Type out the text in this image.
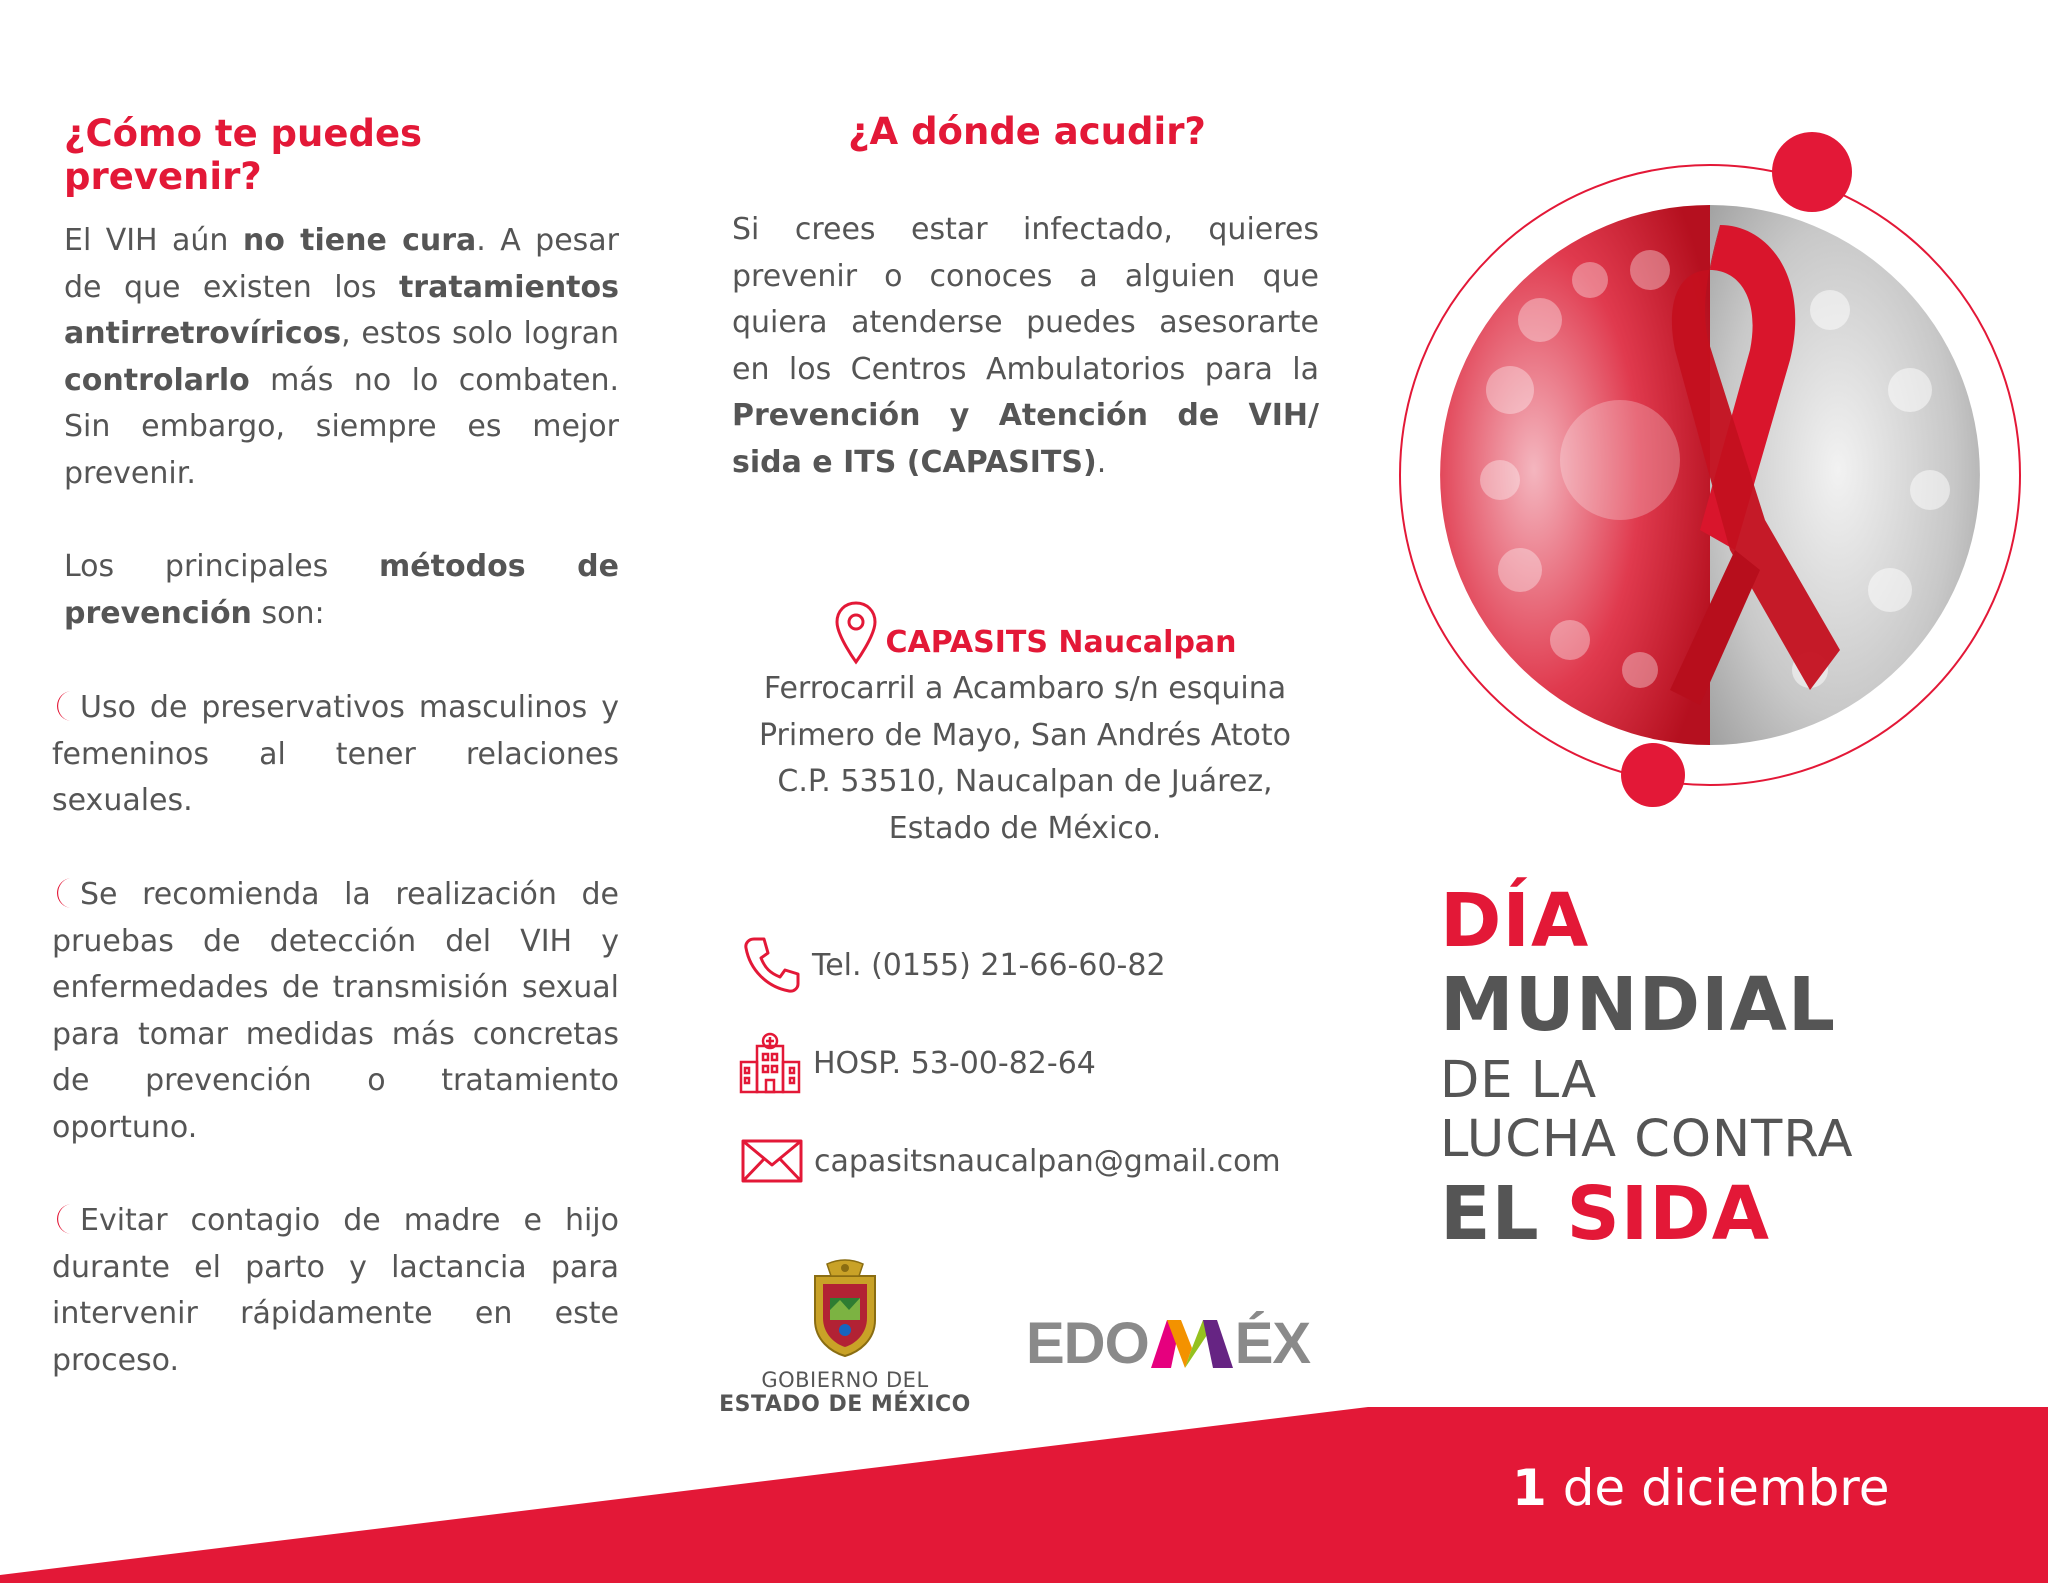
¿Cómo te puedes prevenir?

El VIH aún no tiene cura. A pesar de que existen los tratamientos antirretrovíricos, estos solo logran controlarlo más no lo combaten. Sin embargo, siempre es mejor prevenir.

Los principales métodos de prevención son:

Uso de preservativos masculinos y femeninos al tener relaciones sexuales.

Se recomienda la realización de pruebas de detección del VIH y enfermedades de transmisión sexual para tomar medidas más concretas de prevención o tratamiento oportuno.

Evitar contagio de madre e hijo durante el parto y lactancia para intervenir rápidamente en este proceso.

¿A dónde acudir?

Si crees estar infectado, quieres prevenir o conoces a alguien que quiera atenderse puedes asesorarte en los Centros Ambulatorios para la Prevención y Atención de VIH/ sida e ITS (CAPASITS).

CAPASITS Naucalpan
Ferrocarril a Acambaro s/n esquina
Primero de Mayo, San Andrés Atoto
C.P. 53510, Naucalpan de Juárez,
Estado de México.
Tel. (0155) 21-66-60-82
HOSP. 53-00-82-64
capasitsnaucalpan@gmail.com
GOBIERNO DEL
ESTADO DE MÉXICO
EDO ÉX

DÍA

MUNDIAL

DE LA

LUCHA CONTRA

EL SIDA

1 de diciembre
